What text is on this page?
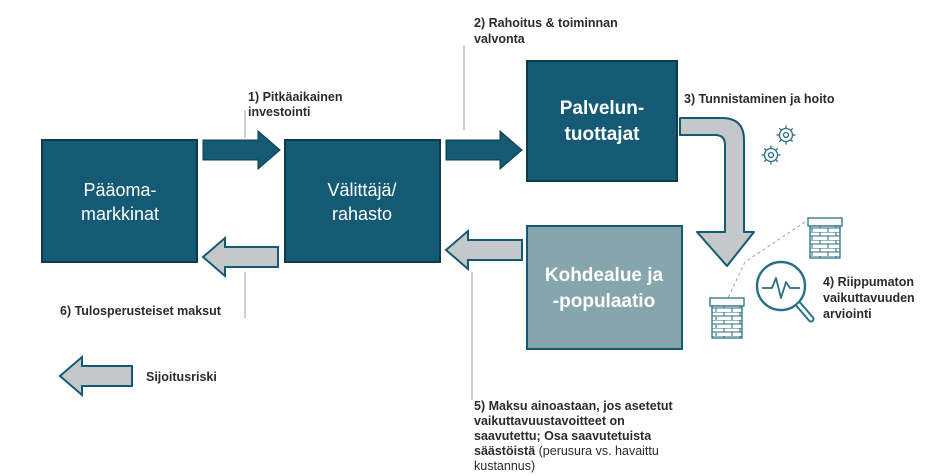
Pääoma-
markkinat
Välittäjä/
rahasto
Palvelun-
tuottajat
Kohdealue ja
-populaatio
1) Pitkäaikainen
investointi
2) Rahoitus & toiminnan
valvonta
3) Tunnistaminen ja hoito
4) Riippumaton
vaikuttavuuden
arviointi
5) Maksu ainoastaan, jos asetetut
vaikuttavuustavoitteet on
saavutettu; Osa saavutetuista
säästöistä (perusura vs. havaittu
kustannus)
6) Tulosperusteiset maksut
Sijoitusriski
